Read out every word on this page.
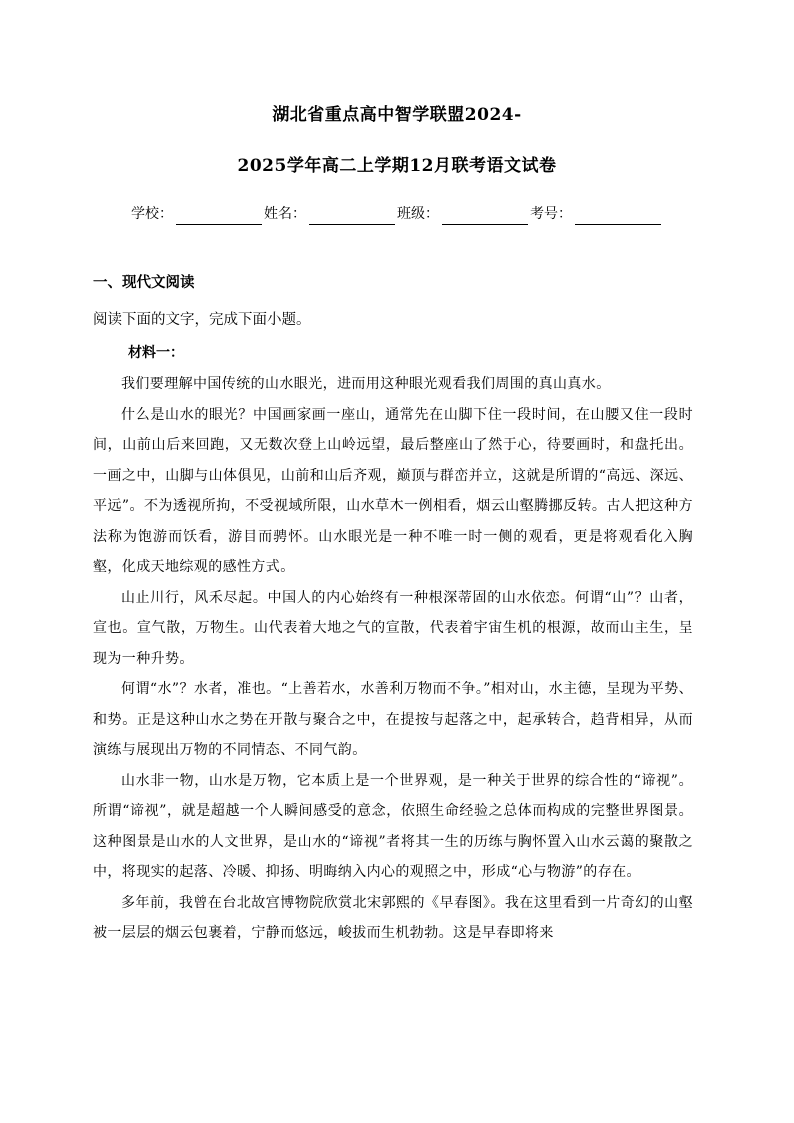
湖北省重点高中智学联盟2024-
2025学年高二上学期12月联考语文试卷
学校：	姓名：	班级：	考号：
一、现代文阅读
阅读下面的文字，完成下面小题。
材料一：

我们要理解中国传统的山水眼光，进而用这种眼光观看我们周围的真山真水。

什么是山水的眼光？中国画家画一座山，通常先在山脚下住一段时间，在山腰又住一段时间，山前山后来回跑，又无数次登上山岭远望，最后整座山了然于心，待要画时，和盘托出。一画之中，山脚与山体俱见，山前和山后齐观，巅顶与群峦并立，这就是所谓的“高远、深远、平远”。不为透视所拘，不受视域所限，山水草木一例相看，烟云山壑腾挪反转。古人把这种方法称为饱游而饫看，游目而骋怀。山水眼光是一种不唯一时一侧的观看，更是将观看化入胸壑，化成天地综观的感性方式。

山止川行，风禾尽起。中国人的内心始终有一种根深蒂固的山水依恋。何谓“山”？山者，宣也。宣气散，万物生。山代表着大地之气的宣散，代表着宇宙生机的根源，故而山主生，呈现为一种升势。

何谓“水”？水者，准也。“上善若水，水善利万物而不争。”相对山，水主德，呈现为平势、和势。正是这种山水之势在开散与聚合之中，在提按与起落之中，起承转合，趋背相异，从而演练与展现出万物的不同情态、不同气韵。

山水非一物，山水是万物，它本质上是一个世界观，是一种关于世界的综合性的“谛视”。所谓“谛视”，就是超越一个人瞬间感受的意念，依照生命经验之总体而构成的完整世界图景。这种图景是山水的人文世界，是山水的“谛视”者将其一生的历练与胸怀置入山水云蔼的聚散之中，将现实的起落、冷暖、抑扬、明晦纳入内心的观照之中，形成“心与物游”的存在。

多年前，我曾在台北故宫博物院欣赏北宋郭熙的《早春图》。我在这里看到一片奇幻的山壑被一层层的烟云包裹着，宁静而悠远，峻拔而生机勃勃。这是早春即将来
